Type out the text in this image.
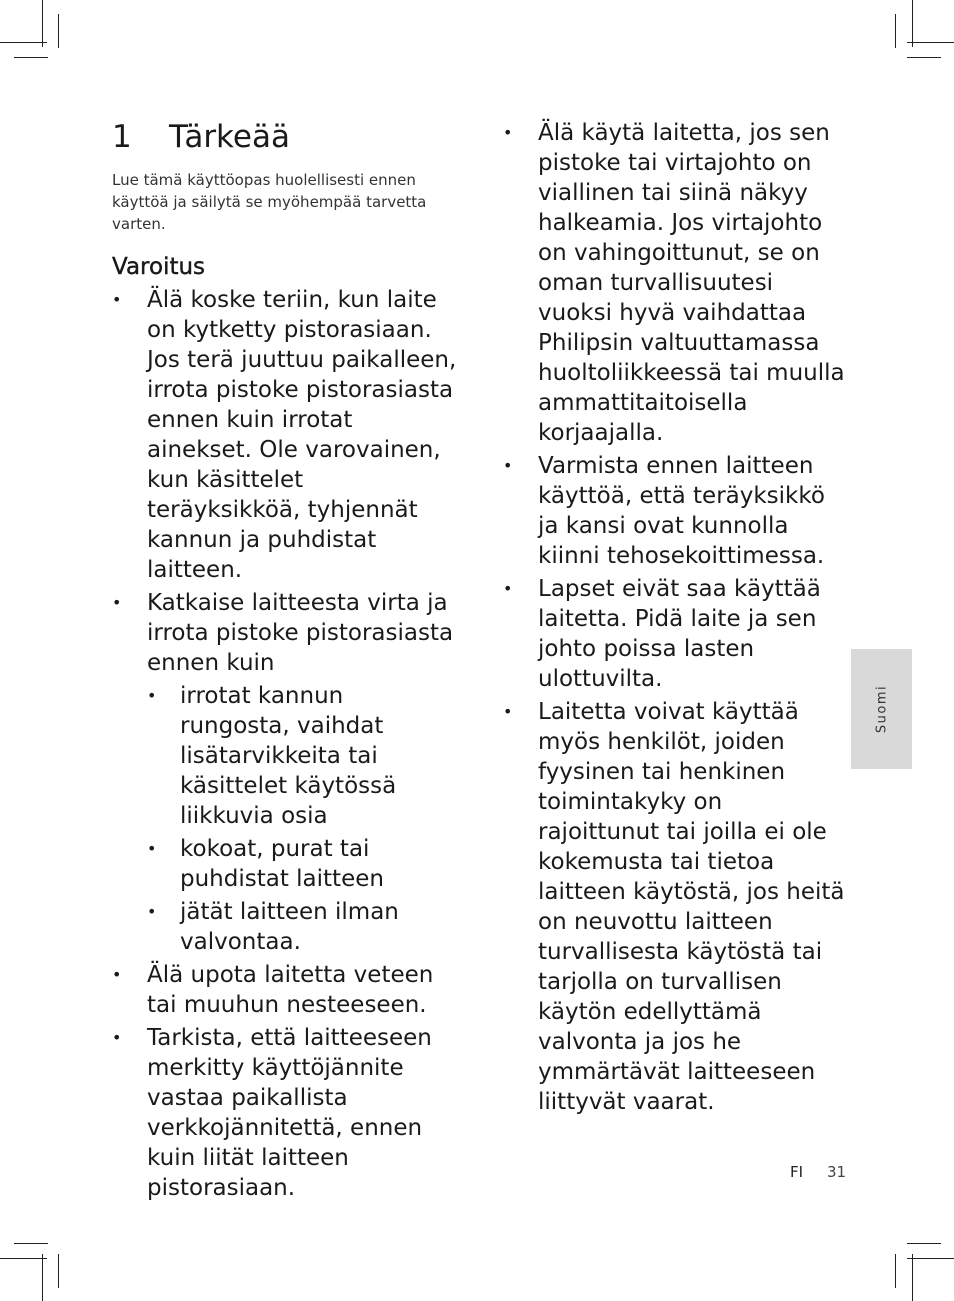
1	Tärkeää

Lue tämä käyttöopas huolellisesti ennen käyttöä ja säilytä se myöhempää tarvetta varten.

Varoitus
• Älä koske teriin, kun laite on kytketty pistorasiaan. Jos terä juuttuu paikalleen, irrota pistoke pistorasiasta ennen kuin irrotat ainekset. Ole varovainen, kun käsittelet teräyksikköä, tyhjennät kannun ja puhdistat laitteen.
• Katkaise laitteesta virta ja irrota pistoke pistorasiasta ennen kuin
• irrotat kannun rungosta, vaihdat lisätarvikkeita tai käsittelet käytössä liikkuvia osia
• kokoat, purat tai puhdistat laitteen
• jätät laitteen ilman valvontaa.
• Älä upota laitetta veteen tai muuhun nesteeseen.
• Tarkista, että laitteeseen merkitty käyttöjännite vastaa paikallista verkkojännitettä, ennen kuin liität laitteen pistorasiaan.
• Älä käytä laitetta, jos sen pistoke tai virtajohto on viallinen tai siinä näkyy halkeamia. Jos virtajohto on vahingoittunut, se on oman turvallisuutesi vuoksi hyvä vaihdattaa Philipsin valtuuttamassa huoltoliikkeessä tai muulla ammattitaitoisella korjaajalla.
• Varmista ennen laitteen käyttöä, että teräyksikkö ja kansi ovat kunnolla kiinni tehosekoittimessa.
• Lapset eivät saa käyttää laitetta. Pidä laite ja sen johto poissa lasten ulottuvilta.
• Laitetta voivat käyttää myös henkilöt, joiden fyysinen tai henkinen toimintakyky on rajoittunut tai joilla ei ole kokemusta tai tietoa laitteen käytöstä, jos heitä on neuvottu laitteen turvallisesta käytöstä tai tarjolla on turvallisen käytön edellyttämä valvonta ja jos he ymmärtävät laitteeseen liittyvät vaarat.
Suomi
FI 31
